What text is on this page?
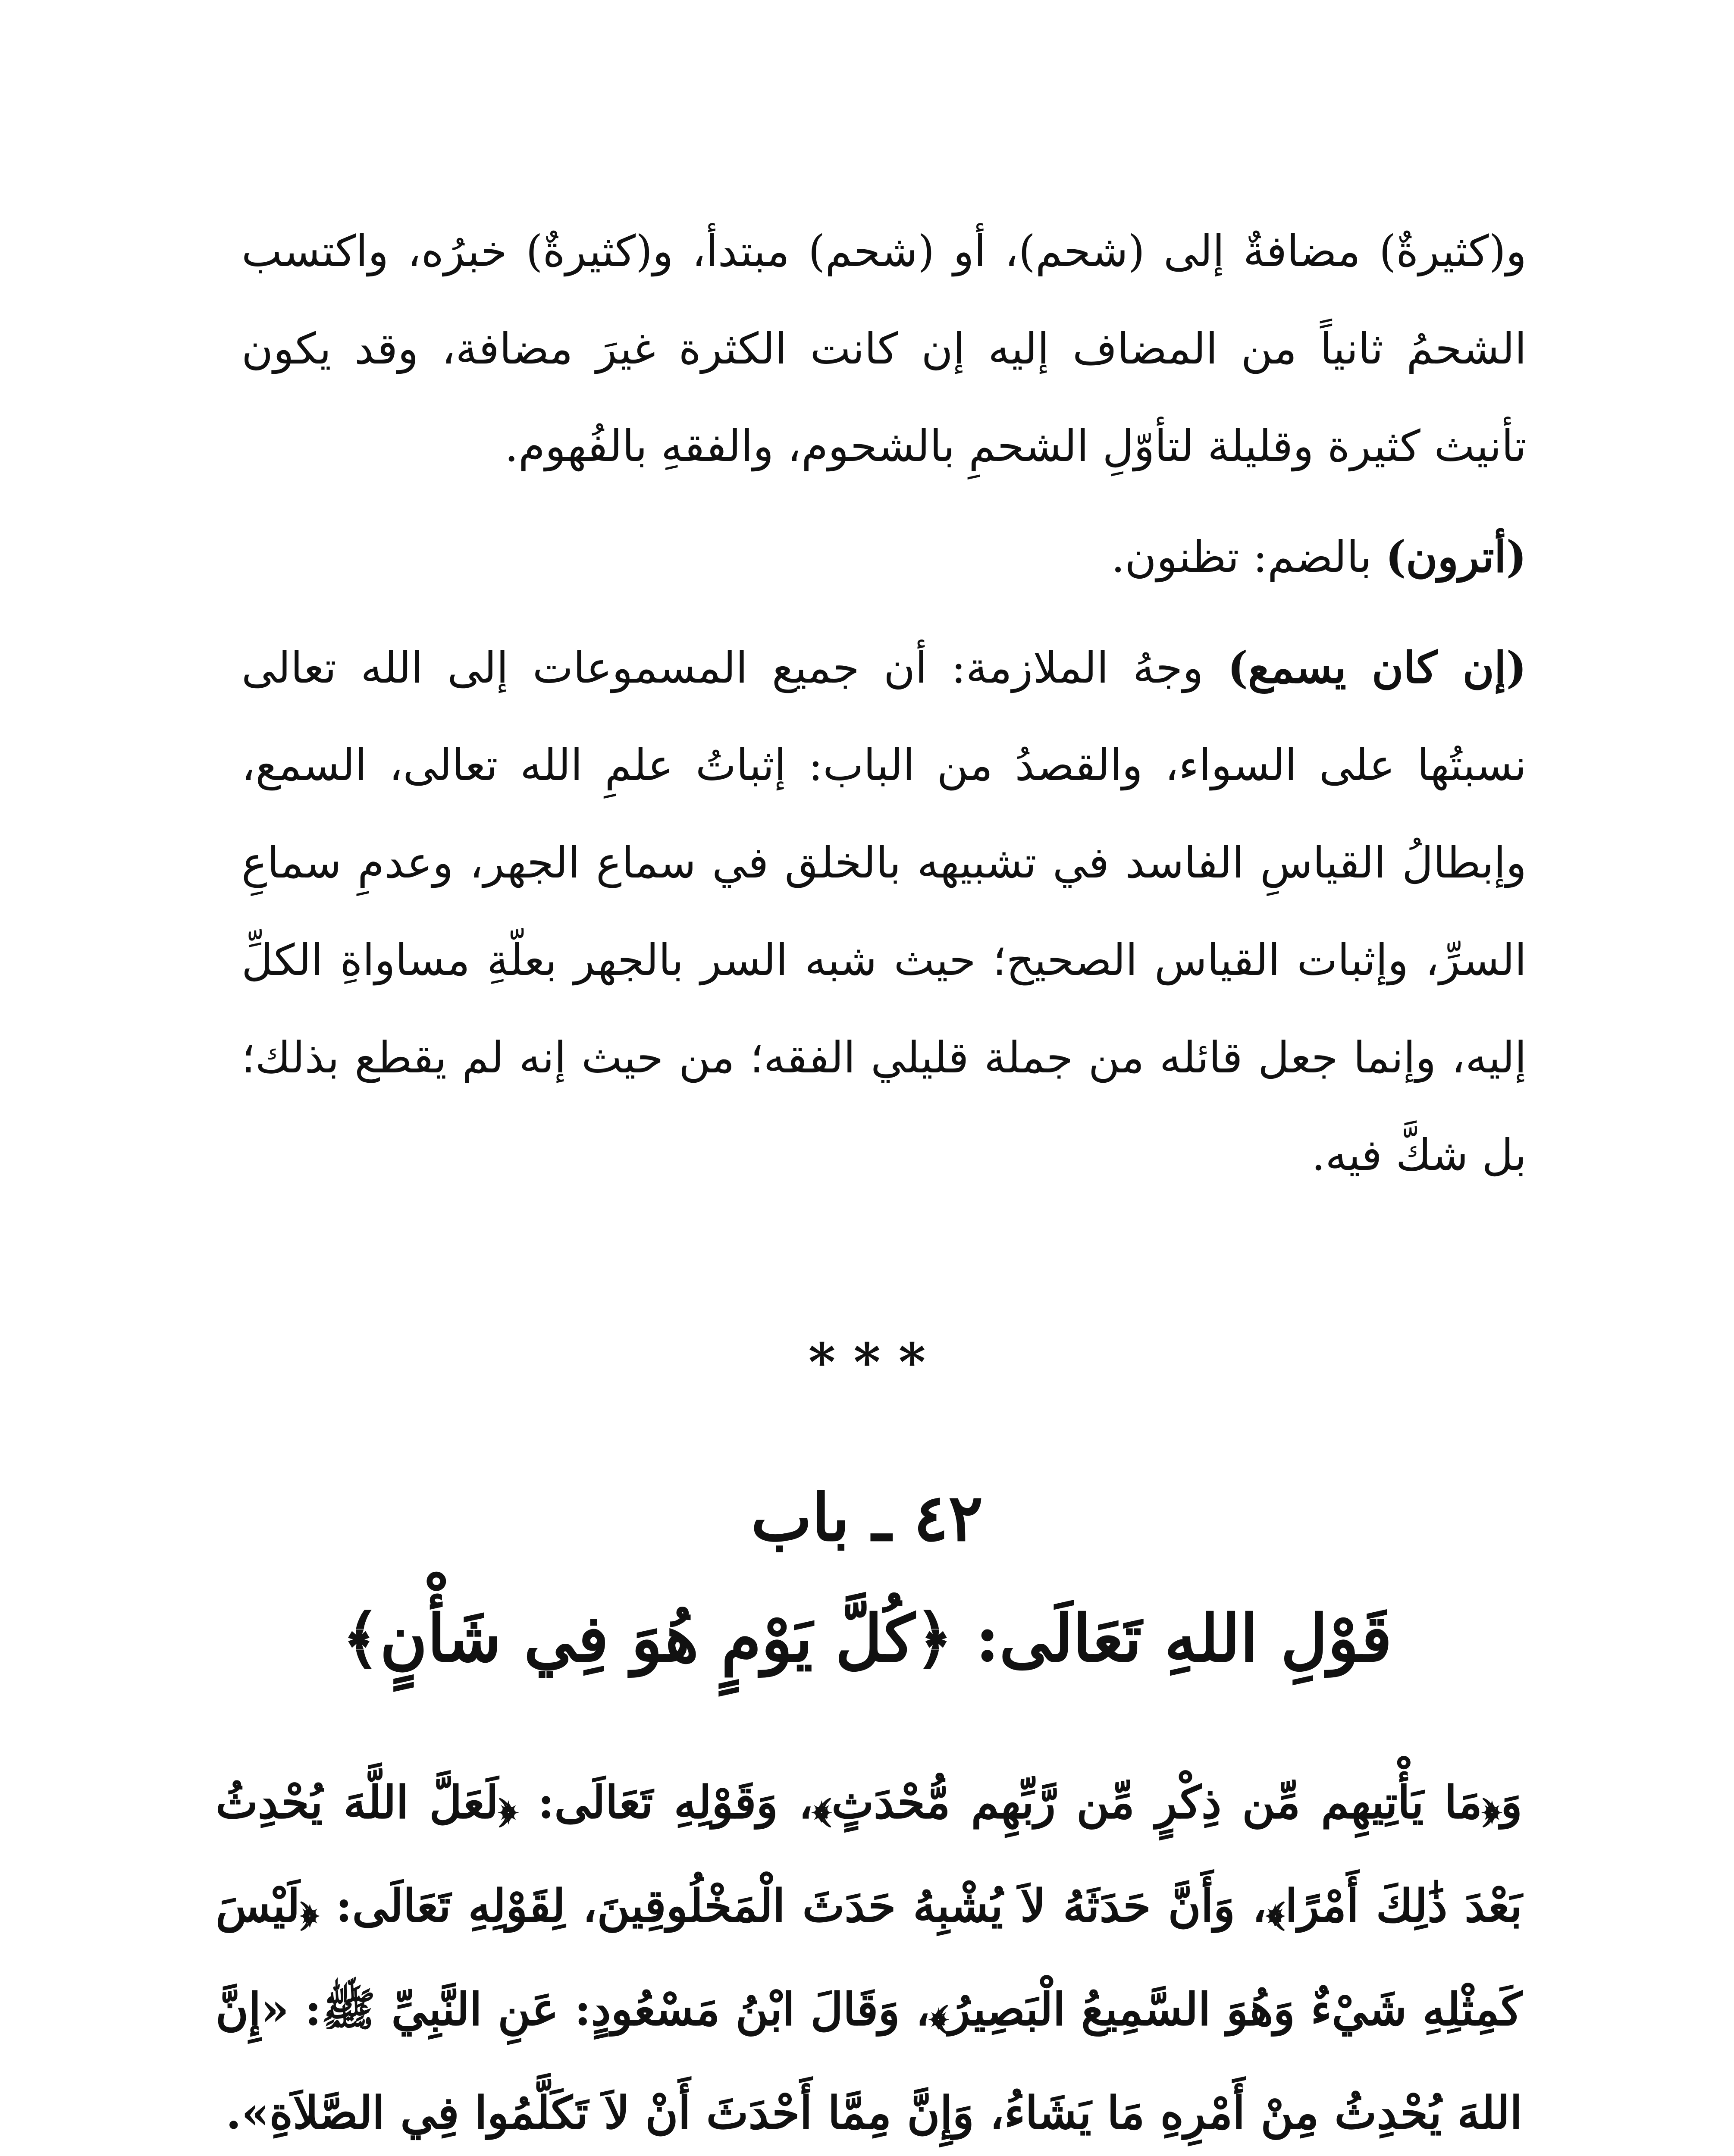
و(كثيرةٌ) مضافةٌ إلى (شحم)، أو (شحم) مبتدأ، و(كثيرةٌ) خبرُه، واكتسب الشحمُ ثانياً من المضاف إليه إن كانت الكثرة غيرَ مضافة، وقد يكون تأنيث كثيرة وقليلة لتأوّلِ الشحمِ بالشحوم، والفقهِ بالفُهوم.

(أترون) بالضم: تظنون.

(إن كان يسمع) وجهُ الملازمة: أن جميع المسموعات إلى الله تعالى نسبتُها على السواء، والقصدُ من الباب: إثباتُ علمِ الله تعالى، السمع، وإبطالُ القياسِ الفاسد في تشبيهه بالخلق في سماع الجهر، وعدمِ سماعِ السرِّ، وإثبات القياس الصحيح؛ حيث شبه السر بالجهر بعلّةِ مساواةِ الكلِّ إليه، وإنما جعل قائله من جملة قليلي الفقه؛ من حيث إنه لم يقطع بذلك؛ بل شكَّ فيه.

* * *
٤٢ ـ باب
قَوْلِ اللهِ تَعَالَى: ﴿كُلَّ يَوْمٍ هُوَ فِي شَأْنٍ﴾
وَ﴿مَا يَأْتِيهِم مِّن ذِكْرٍ مِّن رَّبِّهِم مُّحْدَثٍ﴾، وَقَوْلِهِ تَعَالَى: ﴿لَعَلَّ اللَّهَ يُحْدِثُ بَعْدَ ذَٰلِكَ أَمْرًا﴾، وَأَنَّ حَدَثَهُ لاَ يُشْبِهُ حَدَثَ الْمَخْلُوقِينَ، لِقَوْلِهِ تَعَالَى: ﴿لَيْسَ كَمِثْلِهِ شَيْءٌ وَهُوَ السَّمِيعُ الْبَصِيرُ﴾، وَقَالَ ابْنُ مَسْعُودٍ: عَنِ النَّبِيِّ ﷺ: «إِنَّ اللهَ يُحْدِثُ مِنْ أَمْرِهِ مَا يَشَاءُ، وَإِنَّ مِمَّا أَحْدَثَ أَنْ لاَ تَكَلَّمُوا فِي الصَّلاَةِ».
